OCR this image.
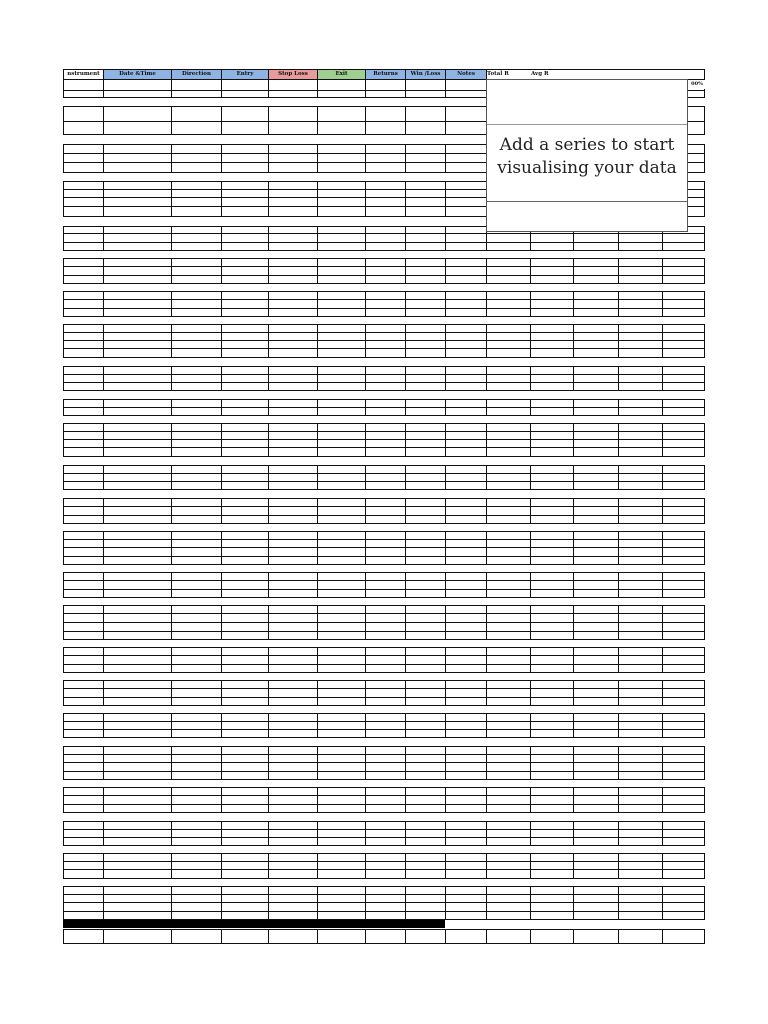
nstrument	Date &Time	Direction	Entry	Stop Loss	Exit	Returns	Win /Loss	Notes	Total R	Avg R
00%
Add a series to start visualising your data
